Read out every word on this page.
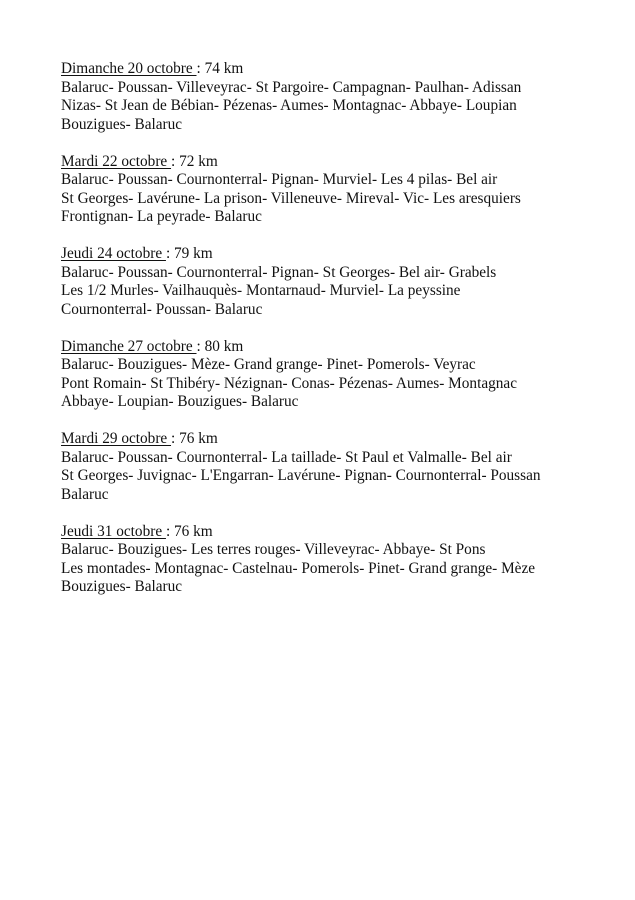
Dimanche 20 octobre : 74 km
Balaruc- Poussan- Villeveyrac- St Pargoire- Campagnan- Paulhan- Adissan
Nizas- St Jean de Bébian- Pézenas- Aumes- Montagnac- Abbaye- Loupian
Bouzigues- Balaruc
Mardi 22 octobre : 72 km
Balaruc- Poussan- Cournonterral- Pignan- Murviel- Les 4 pilas- Bel air
St Georges- Lavérune- La prison- Villeneuve- Mireval- Vic- Les aresquiers
Frontignan- La peyrade- Balaruc
Jeudi 24 octobre : 79 km
Balaruc- Poussan- Cournonterral- Pignan- St Georges- Bel air- Grabels
Les 1/2 Murles- Vailhauquès- Montarnaud- Murviel- La peyssine
Cournonterral- Poussan- Balaruc
Dimanche 27 octobre : 80 km
Balaruc- Bouzigues- Mèze- Grand grange- Pinet- Pomerols- Veyrac
Pont Romain- St Thibéry- Nézignan- Conas- Pézenas- Aumes- Montagnac
Abbaye- Loupian- Bouzigues- Balaruc
Mardi 29 octobre : 76 km
Balaruc- Poussan- Cournonterral- La taillade- St Paul et Valmalle- Bel air
St Georges- Juvignac- L'Engarran- Lavérune- Pignan- Cournonterral- Poussan
Balaruc
Jeudi 31 octobre : 76 km
Balaruc- Bouzigues- Les terres rouges- Villeveyrac- Abbaye- St Pons
Les montades- Montagnac- Castelnau- Pomerols- Pinet- Grand grange- Mèze
Bouzigues- Balaruc
